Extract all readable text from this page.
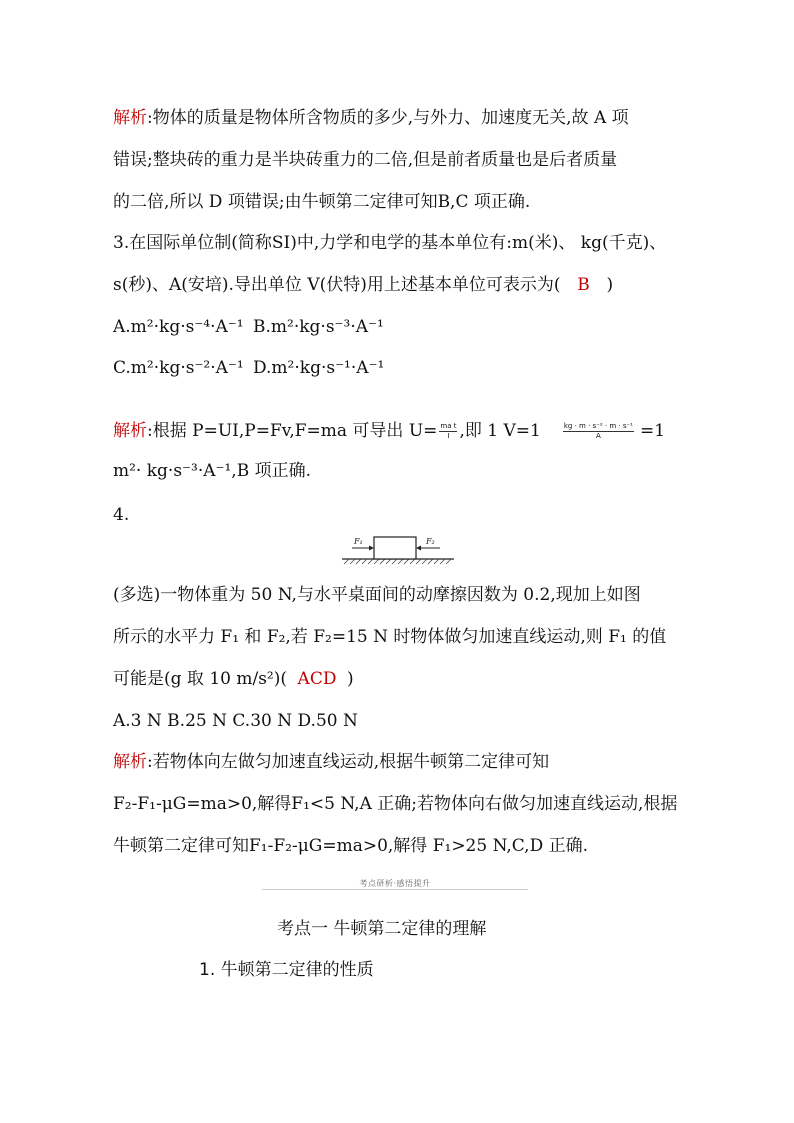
解析:物体的质量是物体所含物质的多少,与外力、加速度无关,故 A 项
错误;整块砖的重力是半块砖重力的二倍,但是前者质量也是后者质量
的二倍,所以 D 项错误;由牛顿第二定律可知B,C 项正确.
3.在国际单位制(简称SI)中,力学和电学的基本单位有:m(米)、 kg(千克)、
s(秒)、A(安培).导出单位 V(伏特)用上述基本单位可表示为( B )
A.m²·kg·s⁻⁴·A⁻¹ B.m²·kg·s⁻³·A⁻¹
C.m²·kg·s⁻²·A⁻¹ D.m²·kg·s⁻¹·A⁻¹
解析:根据 P=UI,P=Fv,F=ma 可导出 $U= \frac{\text{ma t}}{I}$ ,即 1 V=1	$\frac{\text{kg · m · s⁻² · m · s⁻¹}}{A} =1$
m²· kg·s⁻³·A⁻¹,B 项正确.
4.
F₁	F₂
(多选)一物体重为 50 N,与水平桌面间的动摩擦因数为 0.2,现加上如图
所示的水平力 F₁ 和 F₂,若 F₂=15 N 时物体做匀加速直线运动,则 F₁ 的值
可能是(g 取 10 m/s²)( ACD )
A.3 N B.25 N C.30 N D.50 N
解析:若物体向左做匀加速直线运动,根据牛顿第二定律可知
F₂-F₁-μG=ma>0,解得F₁<5 N,A 正确;若物体向右做匀加速直线运动,根据
牛顿第二定律可知F₁-F₂-μG=ma>0,解得 F₁>25 N,C,D 正确.
考点研析·感悟提升
考点一 牛顿第二定律的理解
1. 牛顿第二定律的性质
